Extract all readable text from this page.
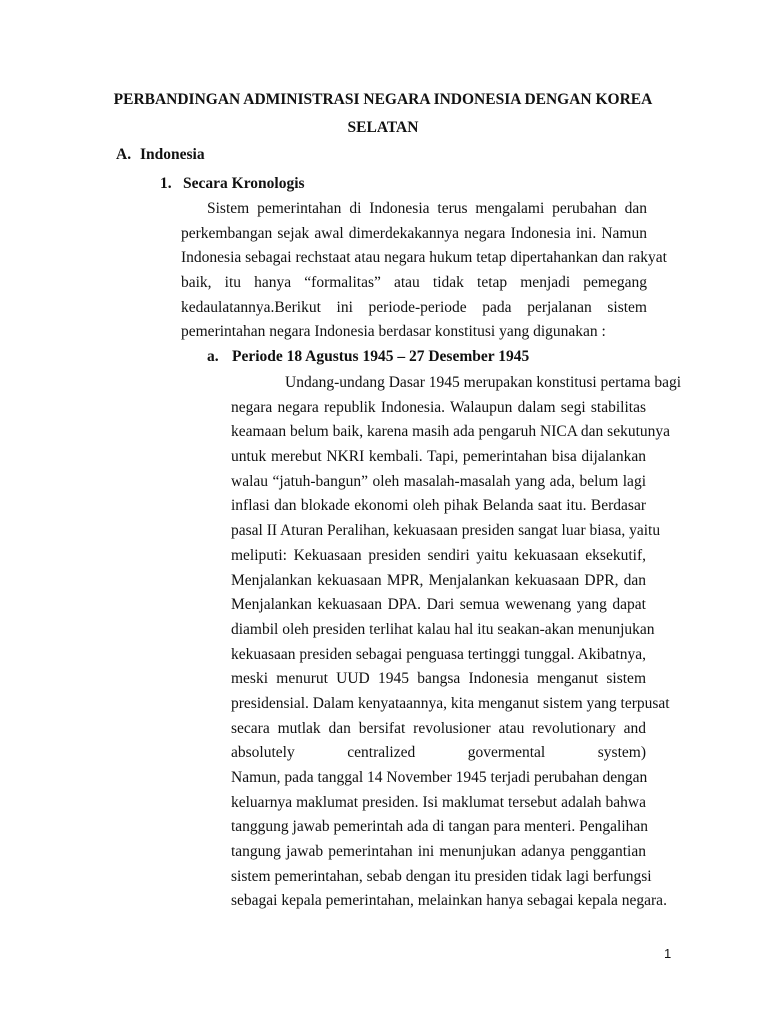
PERBANDINGAN ADMINISTRASI NEGARA INDONESIA DENGAN KOREA
SELATAN
A. Indonesia
1. Secara Kronologis
Sistem pemerintahan di Indonesia terus mengalami perubahan dan
perkembangan sejak awal dimerdekakannya negara Indonesia ini. Namun
Indonesia sebagai rechstaat atau negara hukum tetap dipertahankan dan rakyat
baik, itu hanya “formalitas” atau tidak tetap menjadi pemegang
kedaulatannya.Berikut ini periode-periode pada perjalanan sistem
pemerintahan negara Indonesia berdasar konstitusi yang digunakan :
a. Periode 18 Agustus 1945 – 27 Desember 1945
Undang-undang Dasar 1945 merupakan konstitusi pertama bagi
negara negara republik Indonesia. Walaupun dalam segi stabilitas
keamaan belum baik, karena masih ada pengaruh NICA dan sekutunya
untuk merebut NKRI kembali. Tapi, pemerintahan bisa dijalankan
walau “jatuh-bangun” oleh masalah-masalah yang ada, belum lagi
inflasi dan blokade ekonomi oleh pihak Belanda saat itu. Berdasar
pasal II Aturan Peralihan, kekuasaan presiden sangat luar biasa, yaitu
meliputi: Kekuasaan presiden sendiri yaitu kekuasaan eksekutif,
Menjalankan kekuasaan MPR, Menjalankan kekuasaan DPR, dan
Menjalankan kekuasaan DPA. Dari semua wewenang yang dapat
diambil oleh presiden terlihat kalau hal itu seakan-akan menunjukan
kekuasaan presiden sebagai penguasa tertinggi tunggal. Akibatnya,
meski menurut UUD 1945 bangsa Indonesia menganut sistem
presidensial. Dalam kenyataannya, kita menganut sistem yang terpusat
secara mutlak dan bersifat revolusioner atau revolutionary and
absolutely centralized govermental system)
Namun, pada tanggal 14 November 1945 terjadi perubahan dengan
keluarnya maklumat presiden. Isi maklumat tersebut adalah bahwa
tanggung jawab pemerintah ada di tangan para menteri. Pengalihan
tangung jawab pemerintahan ini menunjukan adanya penggantian
sistem pemerintahan, sebab dengan itu presiden tidak lagi berfungsi
sebagai kepala pemerintahan, melainkan hanya sebagai kepala negara.
1
